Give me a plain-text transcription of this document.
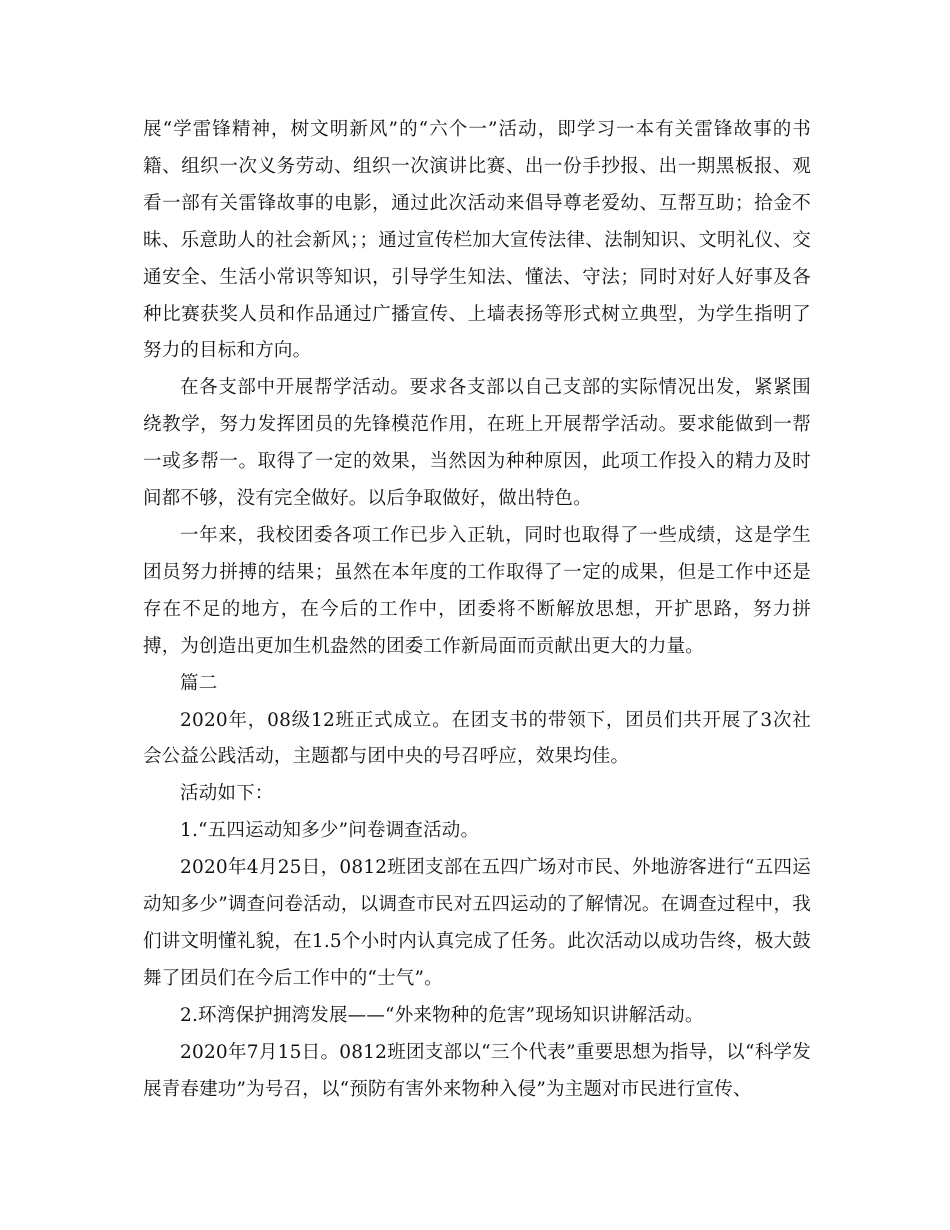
展“学雷锋精神，树文明新风”的“六个一”活动，即学习一本有关雷锋故事的书籍、组织一次义务劳动、组织一次演讲比赛、出一份手抄报、出一期黑板报、观看一部有关雷锋故事的电影，通过此次活动来倡导尊老爱幼、互帮互助；拾金不昧、乐意助人的社会新风；；通过宣传栏加大宣传法律、法制知识、文明礼仪、交通安全、生活小常识等知识，引导学生知法、懂法、守法；同时对好人好事及各种比赛获奖人员和作品通过广播宣传、上墙表扬等形式树立典型，为学生指明了努力的目标和方向。

在各支部中开展帮学活动。要求各支部以自己支部的实际情况出发，紧紧围绕教学，努力发挥团员的先锋模范作用，在班上开展帮学活动。要求能做到一帮一或多帮一。取得了一定的效果，当然因为种种原因，此项工作投入的精力及时间都不够，没有完全做好。以后争取做好，做出特色。

一年来，我校团委各项工作已步入正轨，同时也取得了一些成绩，这是学生团员努力拼搏的结果；虽然在本年度的工作取得了一定的成果，但是工作中还是存在不足的地方，在今后的工作中，团委将不断解放思想，开扩思路，努力拼搏，为创造出更加生机盎然的团委工作新局面而贡献出更大的力量。

篇二

2020年，08级12班正式成立。在团支书的带领下，团员们共开展了3次社会公益公践活动，主题都与团中央的号召呼应，效果均佳。

活动如下：

1.“五四运动知多少”问卷调查活动。

2020年4月25日，0812班团支部在五四广场对市民、外地游客进行“五四运动知多少”调查问卷活动，以调查市民对五四运动的了解情况。在调查过程中，我们讲文明懂礼貌，在1.5个小时内认真完成了任务。此次活动以成功告终，极大鼓舞了团员们在今后工作中的“士气”。

2.环湾保护拥湾发展——“外来物种的危害”现场知识讲解活动。

2020年7月15日。0812班团支部以“三个代表”重要思想为指导，以“科学发展青春建功”为号召，以“预防有害外来物种入侵”为主题对市民进行宣传、
